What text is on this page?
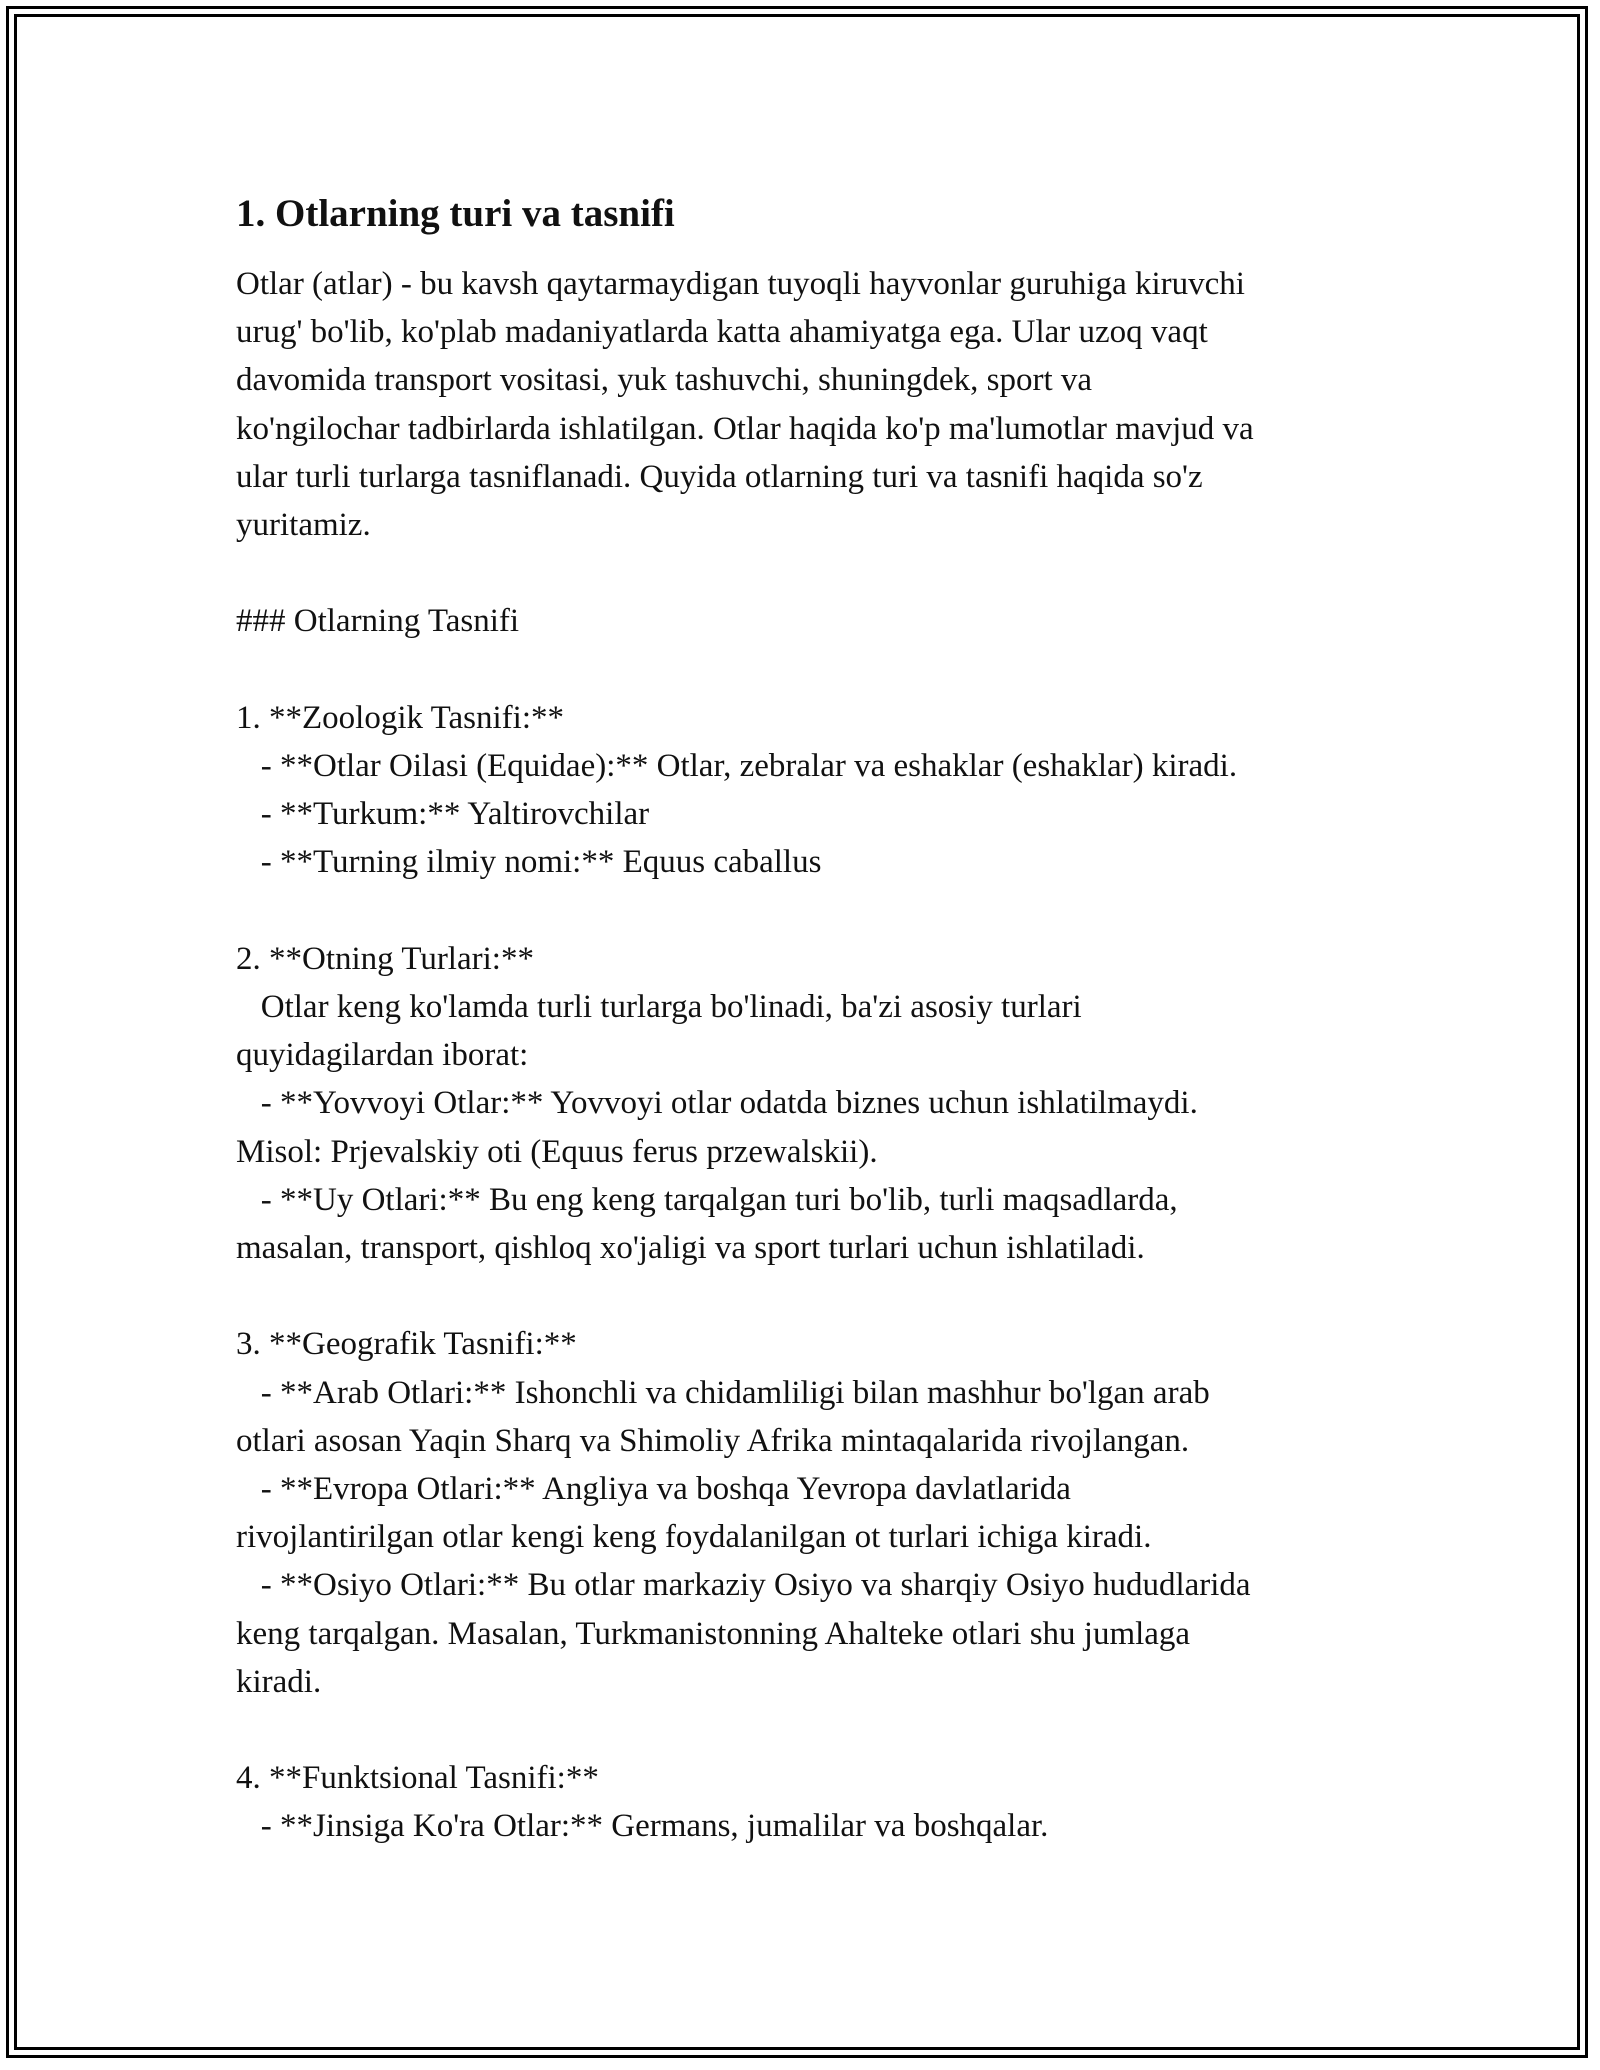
1. Otlarning turi va tasnifi
Otlar (atlar) - bu kavsh qaytarmaydigan tuyoqli hayvonlar guruhiga kiruvchi
urug' bo'lib, ko'plab madaniyatlarda katta ahamiyatga ega. Ular uzoq vaqt
davomida transport vositasi, yuk tashuvchi, shuningdek, sport va
ko'ngilochar tadbirlarda ishlatilgan. Otlar haqida ko'p ma'lumotlar mavjud va
ular turli turlarga tasniflanadi. Quyida otlarning turi va tasnifi haqida so'z
yuritamiz.
### Otlarning Tasnifi
1. **Zoologik Tasnifi:**
- **Otlar Oilasi (Equidae):** Otlar, zebralar va eshaklar (eshaklar) kiradi.
- **Turkum:** Yaltirovchilar
- **Turning ilmiy nomi:** Equus caballus
2. **Otning Turlari:**
Otlar keng ko'lamda turli turlarga bo'linadi, ba'zi asosiy turlari
quyidagilardan iborat:
- **Yovvoyi Otlar:** Yovvoyi otlar odatda biznes uchun ishlatilmaydi.
Misol: Prjevalskiy oti (Equus ferus przewalskii).
- **Uy Otlari:** Bu eng keng tarqalgan turi bo'lib, turli maqsadlarda,
masalan, transport, qishloq xo'jaligi va sport turlari uchun ishlatiladi.
3. **Geografik Tasnifi:**
- **Arab Otlari:** Ishonchli va chidamliligi bilan mashhur bo'lgan arab
otlari asosan Yaqin Sharq va Shimoliy Afrika mintaqalarida rivojlangan.
- **Evropa Otlari:** Angliya va boshqa Yevropa davlatlarida
rivojlantirilgan otlar kengi keng foydalanilgan ot turlari ichiga kiradi.
- **Osiyo Otlari:** Bu otlar markaziy Osiyo va sharqiy Osiyo hududlarida
keng tarqalgan. Masalan, Turkmanistonning Ahalteke otlari shu jumlaga
kiradi.
4. **Funktsional Tasnifi:**
- **Jinsiga Ko'ra Otlar:** Germans, jumalilar va boshqalar.
